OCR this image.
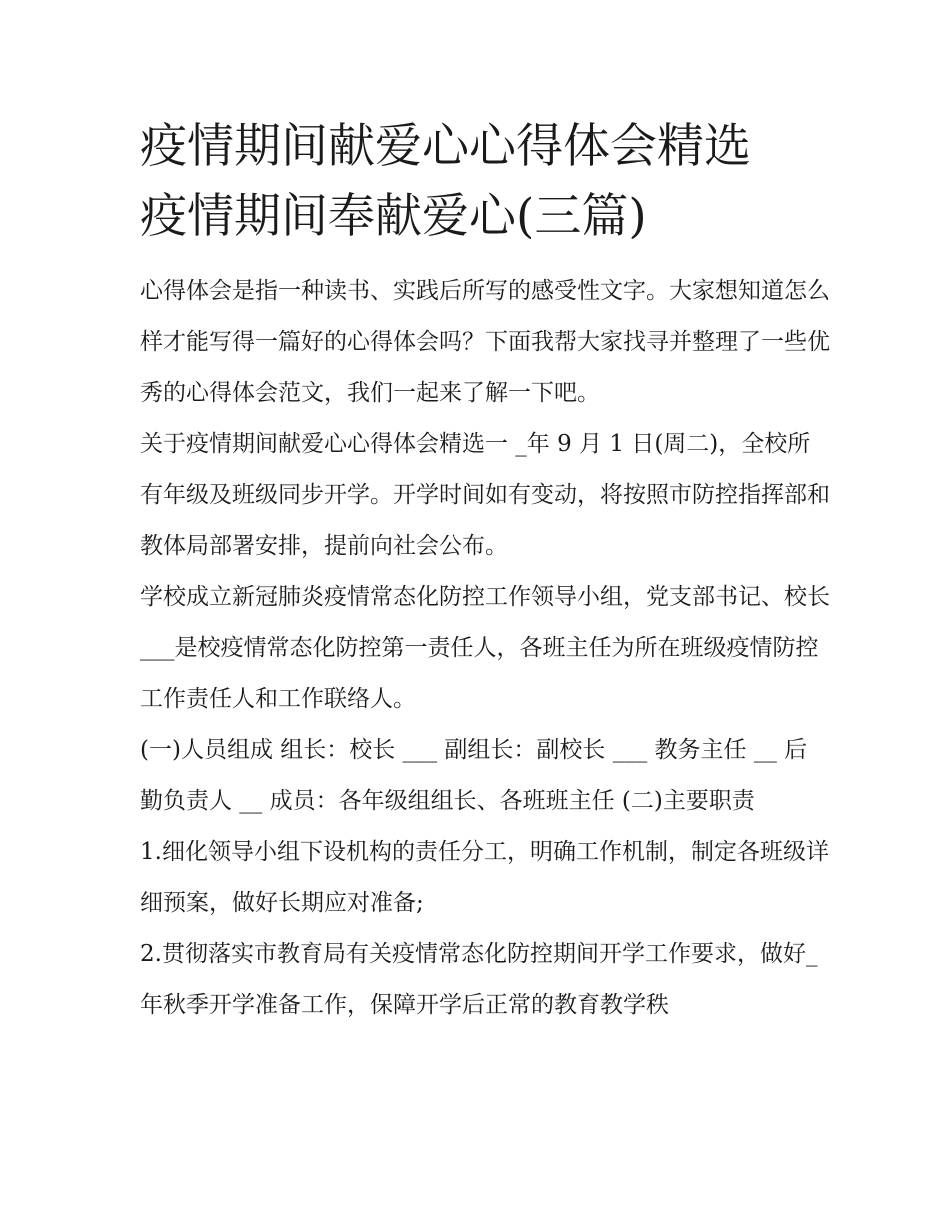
疫情期间献爱心心得体会精选
疫情期间奉献爱心(三篇)

心得体会是指一种读书、实践后所写的感受性文字。大家想知道怎么样才能写得一篇好的心得体会吗？下面我帮大家找寻并整理了一些优秀的心得体会范文，我们一起来了解一下吧。

关于疫情期间献爱心心得体会精选一 _年 9 月 1 日(周二)，全校所有年级及班级同步开学。开学时间如有变动，将按照市防控指挥部和教体局部署安排，提前向社会公布。

学校成立新冠肺炎疫情常态化防控工作领导小组，党支部书记、校长___是校疫情常态化防控第一责任人，各班主任为所在班级疫情防控工作责任人和工作联络人。

(一)人员组成 组长：校长 ___ 副组长：副校长 ___ 教务主任 __ 后勤负责人 __ 成员：各年级组组长、各班班主任 (二)主要职责

1.细化领导小组下设机构的责任分工，明确工作机制，制定各班级详细预案，做好长期应对准备;

2.贯彻落实市教育局有关疫情常态化防控期间开学工作要求，做好_年秋季开学准备工作，保障开学后正常的教育教学秩
